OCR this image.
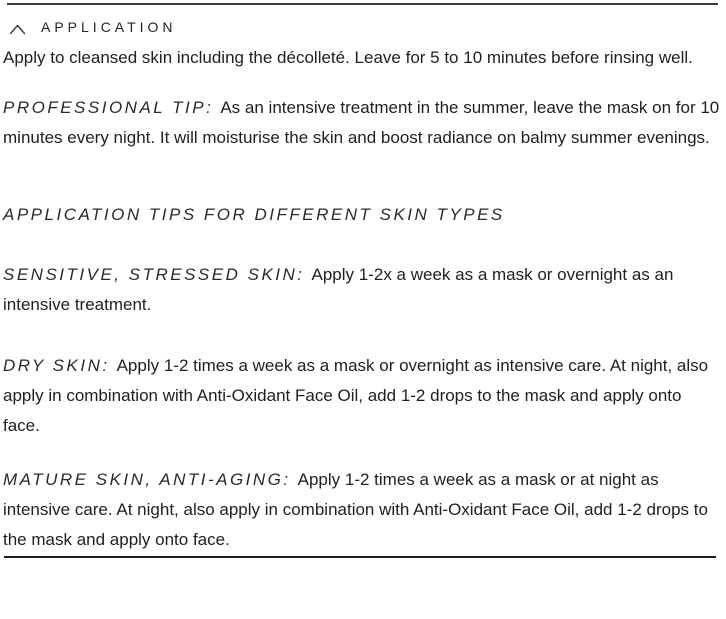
APPLICATION

Apply to cleansed skin including the décolleté. Leave for 5 to 10 minutes before rinsing well.

PROFESSIONAL TIP: As an intensive treatment in the summer, leave the mask on for 10 minutes every night. It will moisturise the skin and boost radiance on balmy summer evenings.

APPLICATION TIPS FOR DIFFERENT SKIN TYPES

SENSITIVE, STRESSED SKIN: Apply 1-2x a week as a mask or overnight as an intensive treatment.

DRY SKIN: Apply 1-2 times a week as a mask or overnight as intensive care. At night, also apply in combination with Anti-Oxidant Face Oil, add 1-2 drops to the mask and apply onto face.

MATURE SKIN, ANTI-AGING: Apply 1-2 times a week as a mask or at night as intensive care. At night, also apply in combination with Anti-Oxidant Face Oil, add 1-2 drops to the mask and apply onto face.
